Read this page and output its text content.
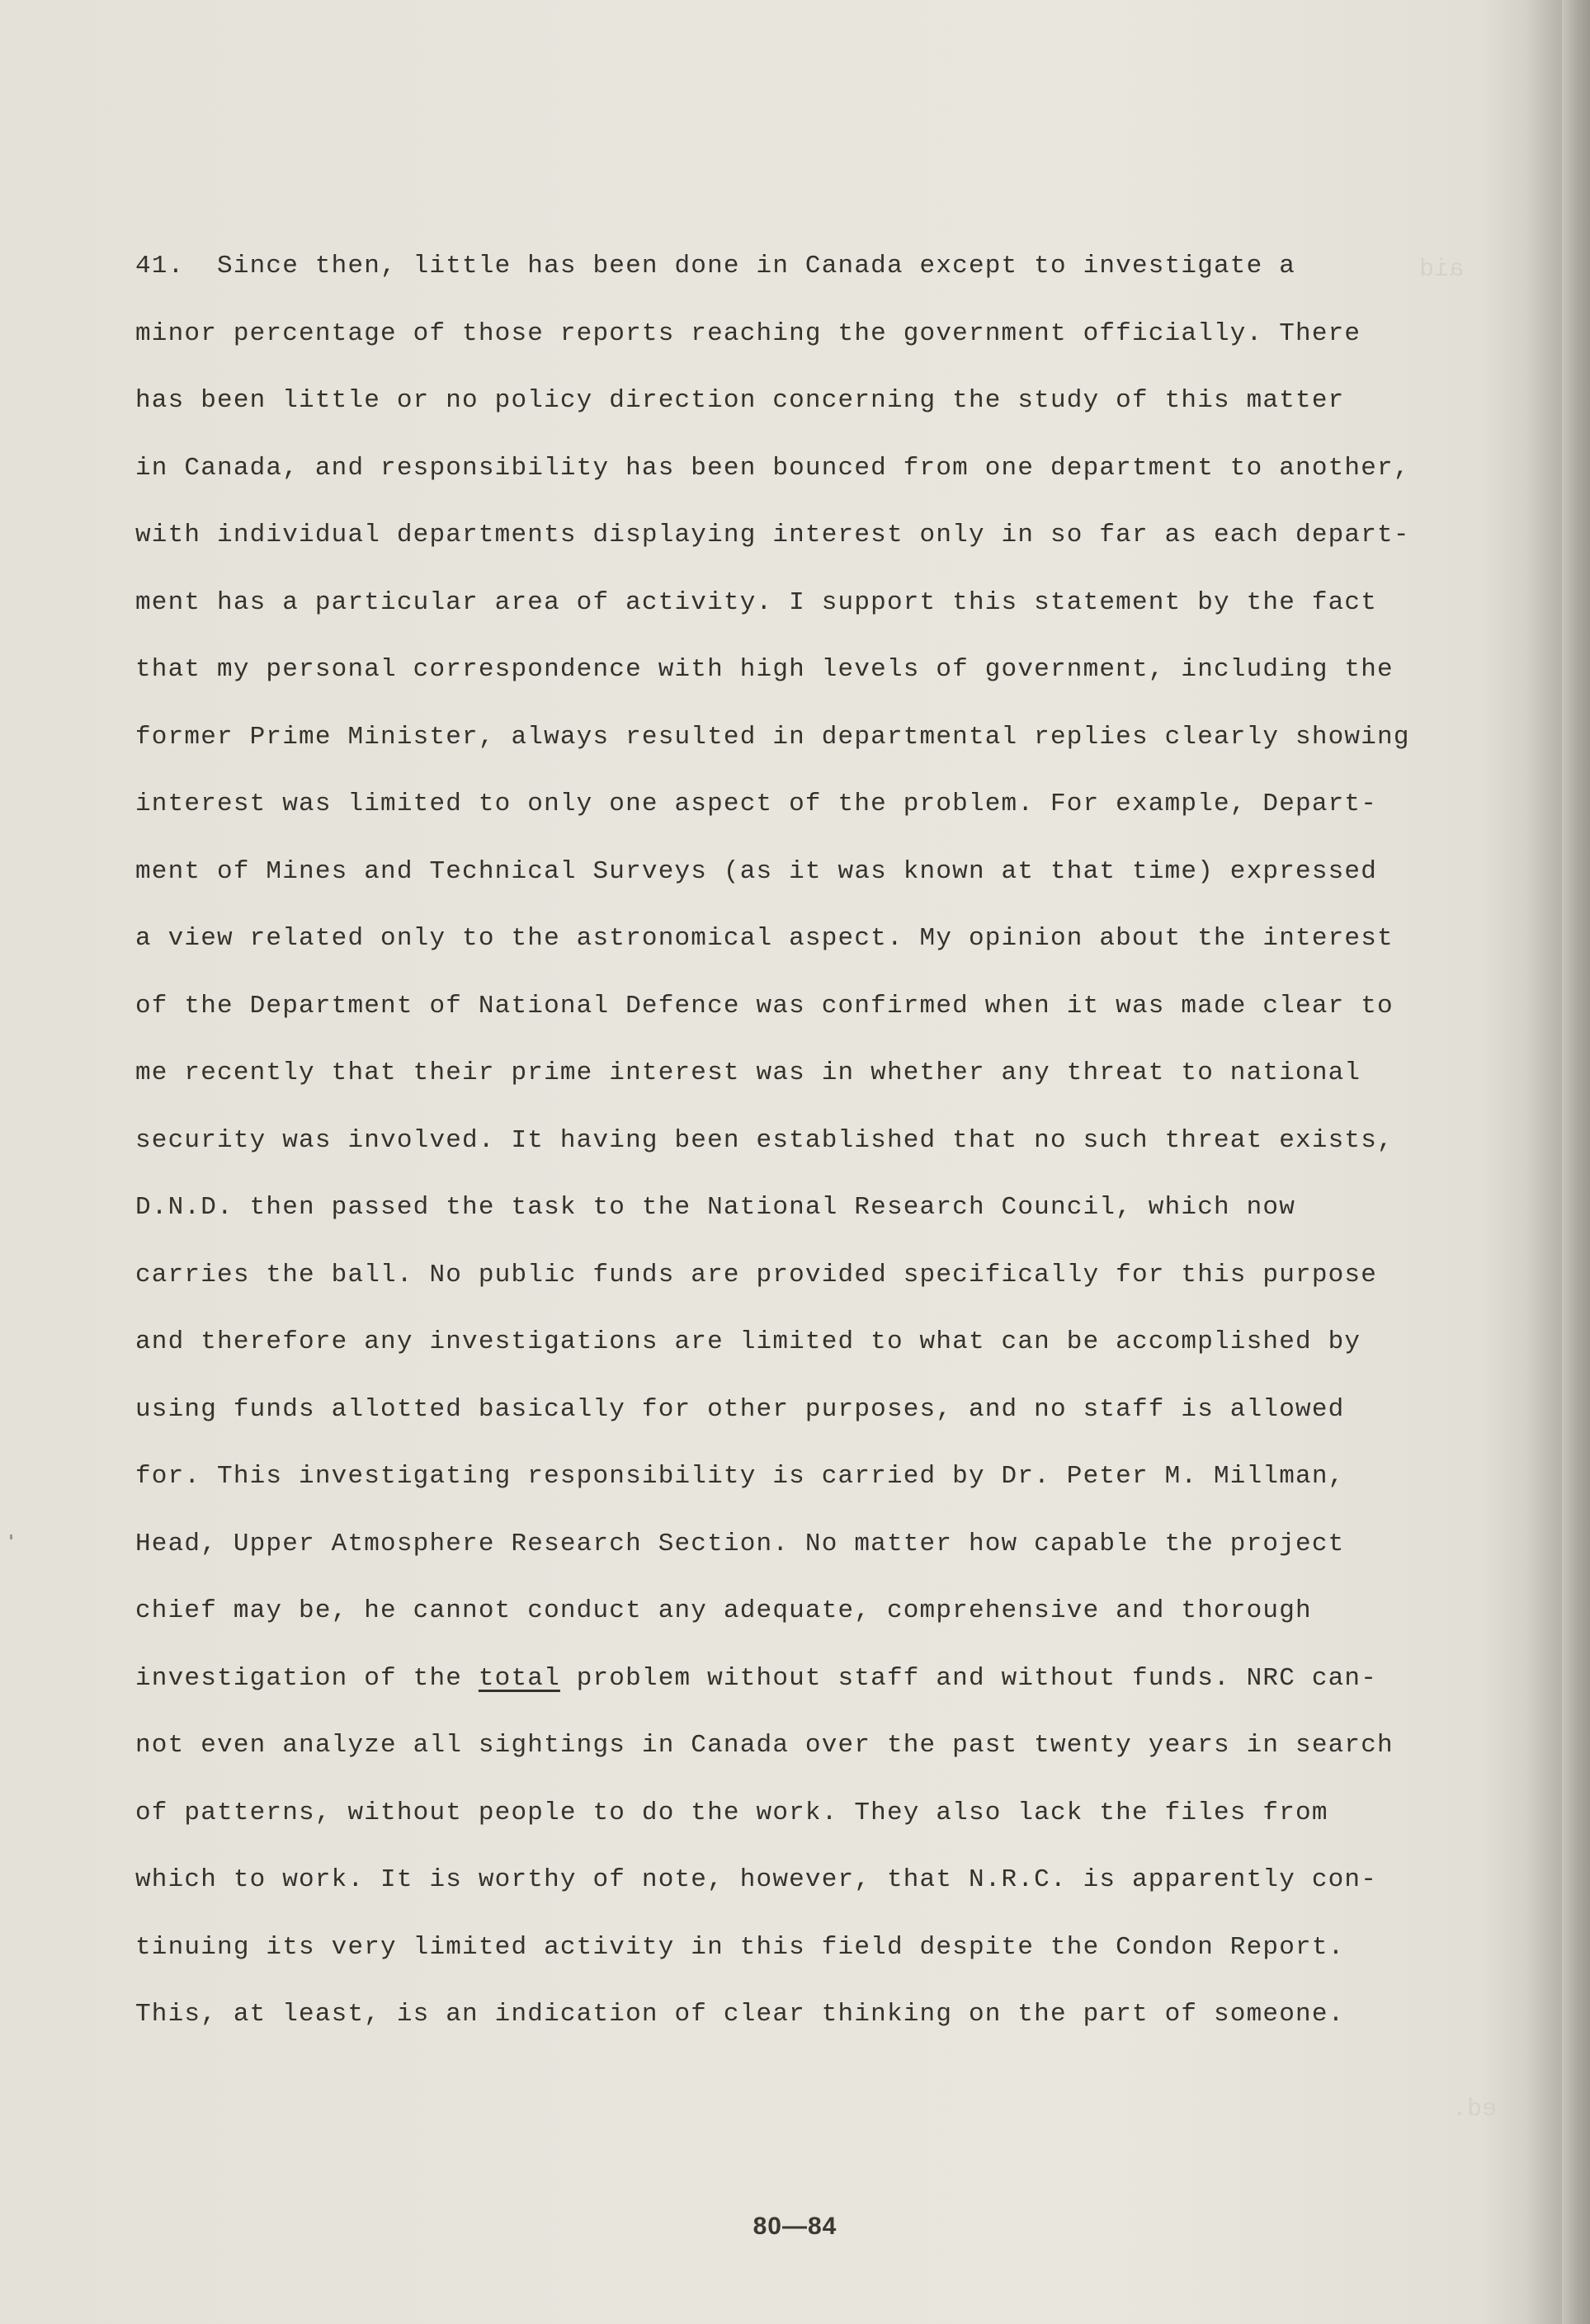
aid
ed.
41.  Since then, little has been done in Canada except to investigate a
minor percentage of those reports reaching the government officially. There
has been little or no policy direction concerning the study of this matter
in Canada, and responsibility has been bounced from one department to another,
with individual departments displaying interest only in so far as each depart-
ment has a particular area of activity. I support this statement by the fact
that my personal correspondence with high levels of government, including the
former Prime Minister, always resulted in departmental replies clearly showing
interest was limited to only one aspect of the problem. For example, Depart-
ment of Mines and Technical Surveys (as it was known at that time) expressed
a view related only to the astronomical aspect. My opinion about the interest
of the Department of National Defence was confirmed when it was made clear to
me recently that their prime interest was in whether any threat to national
security was involved. It having been established that no such threat exists,
D.N.D. then passed the task to the National Research Council, which now
carries the ball. No public funds are provided specifically for this purpose
and therefore any investigations are limited to what can be accomplished by
using funds allotted basically for other purposes, and no staff is allowed
for. This investigating responsibility is carried by Dr. Peter M. Millman,
Head, Upper Atmosphere Research Section. No matter how capable the project
chief may be, he cannot conduct any adequate, comprehensive and thorough
investigation of the total problem without staff and without funds. NRC can-
not even analyze all sightings in Canada over the past twenty years in search
of patterns, without people to do the work. They also lack the files from
which to work. It is worthy of note, however, that N.R.C. is apparently con-
tinuing its very limited activity in this field despite the Condon Report.
This, at least, is an indication of clear thinking on the part of someone.
80—84
